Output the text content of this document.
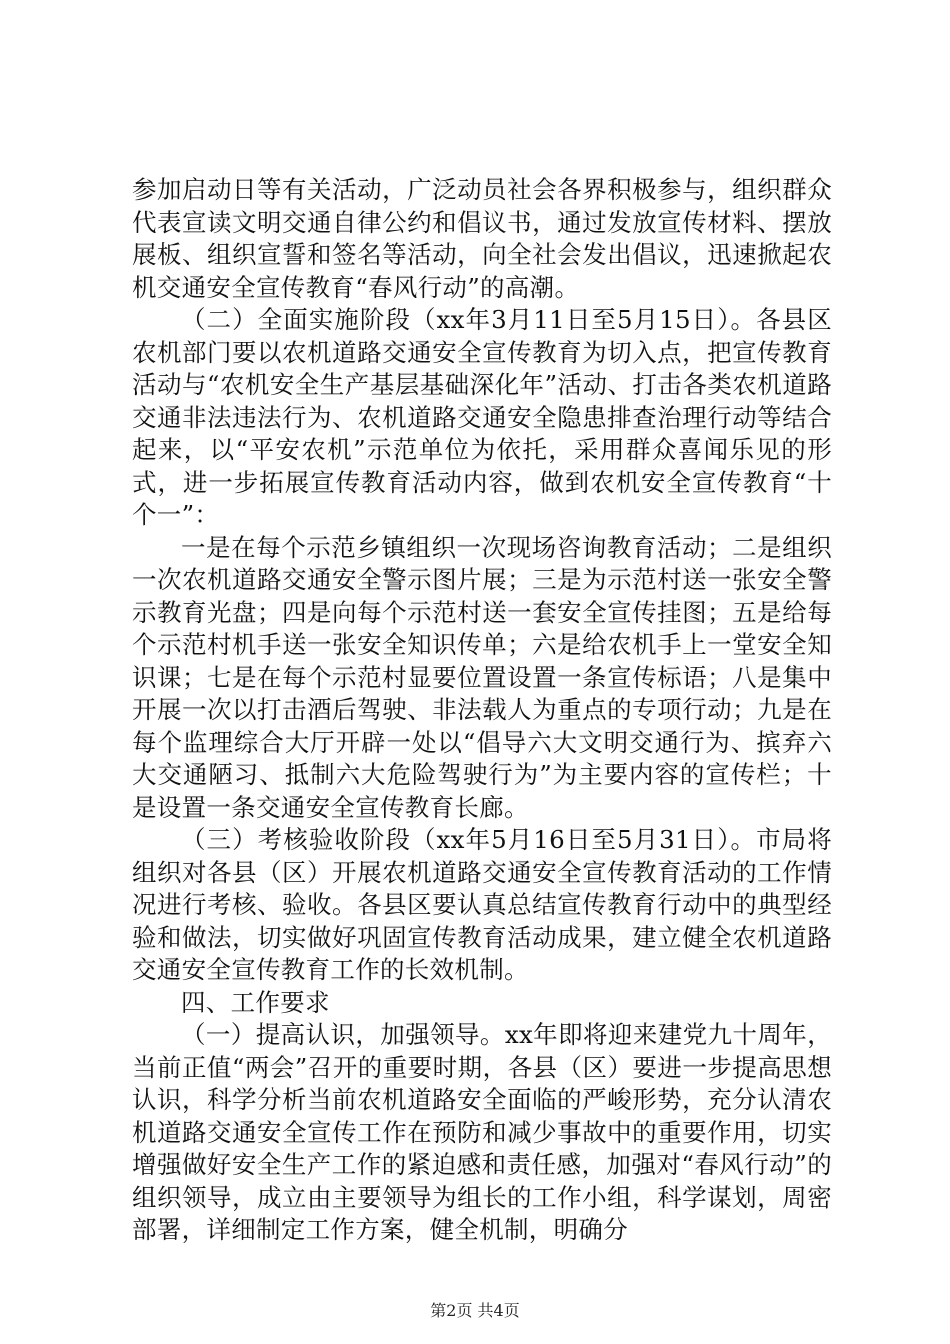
参加启动日等有关活动，广泛动员社会各界积极参与，组织群众代表宣读文明交通自律公约和倡议书，通过发放宣传材料、摆放展板、组织宣誓和签名等活动，向全社会发出倡议，迅速掀起农机交通安全宣传教育“春风行动”的高潮。

（二）全面实施阶段（xx年3月11日至5月15日）。各县区农机部门要以农机道路交通安全宣传教育为切入点，把宣传教育活动与“农机安全生产基层基础深化年”活动、打击各类农机道路交通非法违法行为、农机道路交通安全隐患排查治理行动等结合起来，以“平安农机”示范单位为依托，采用群众喜闻乐见的形式，进一步拓展宣传教育活动内容，做到农机安全宣传教育“十个一”：

一是在每个示范乡镇组织一次现场咨询教育活动；二是组织一次农机道路交通安全警示图片展；三是为示范村送一张安全警示教育光盘；四是向每个示范村送一套安全宣传挂图；五是给每个示范村机手送一张安全知识传单；六是给农机手上一堂安全知识课；七是在每个示范村显要位置设置一条宣传标语；八是集中开展一次以打击酒后驾驶、非法载人为重点的专项行动；九是在每个监理综合大厅开辟一处以“倡导六大文明交通行为、摈弃六大交通陋习、抵制六大危险驾驶行为”为主要内容的宣传栏；十是设置一条交通安全宣传教育长廊。

（三）考核验收阶段（xx年5月16日至5月31日）。市局将组织对各县（区）开展农机道路交通安全宣传教育活动的工作情况进行考核、验收。各县区要认真总结宣传教育行动中的典型经验和做法，切实做好巩固宣传教育活动成果，建立健全农机道路交通安全宣传教育工作的长效机制。

四、工作要求

（一）提高认识，加强领导。xx年即将迎来建党九十周年，当前正值“两会”召开的重要时期，各县（区）要进一步提高思想认识，科学分析当前农机道路安全面临的严峻形势，充分认清农机道路交通安全宣传工作在预防和减少事故中的重要作用，切实增强做好安全生产工作的紧迫感和责任感，加强对“春风行动”的组织领导，成立由主要领导为组长的工作小组，科学谋划，周密部署，详细制定工作方案，健全机制，明确分

第2页 共4页
